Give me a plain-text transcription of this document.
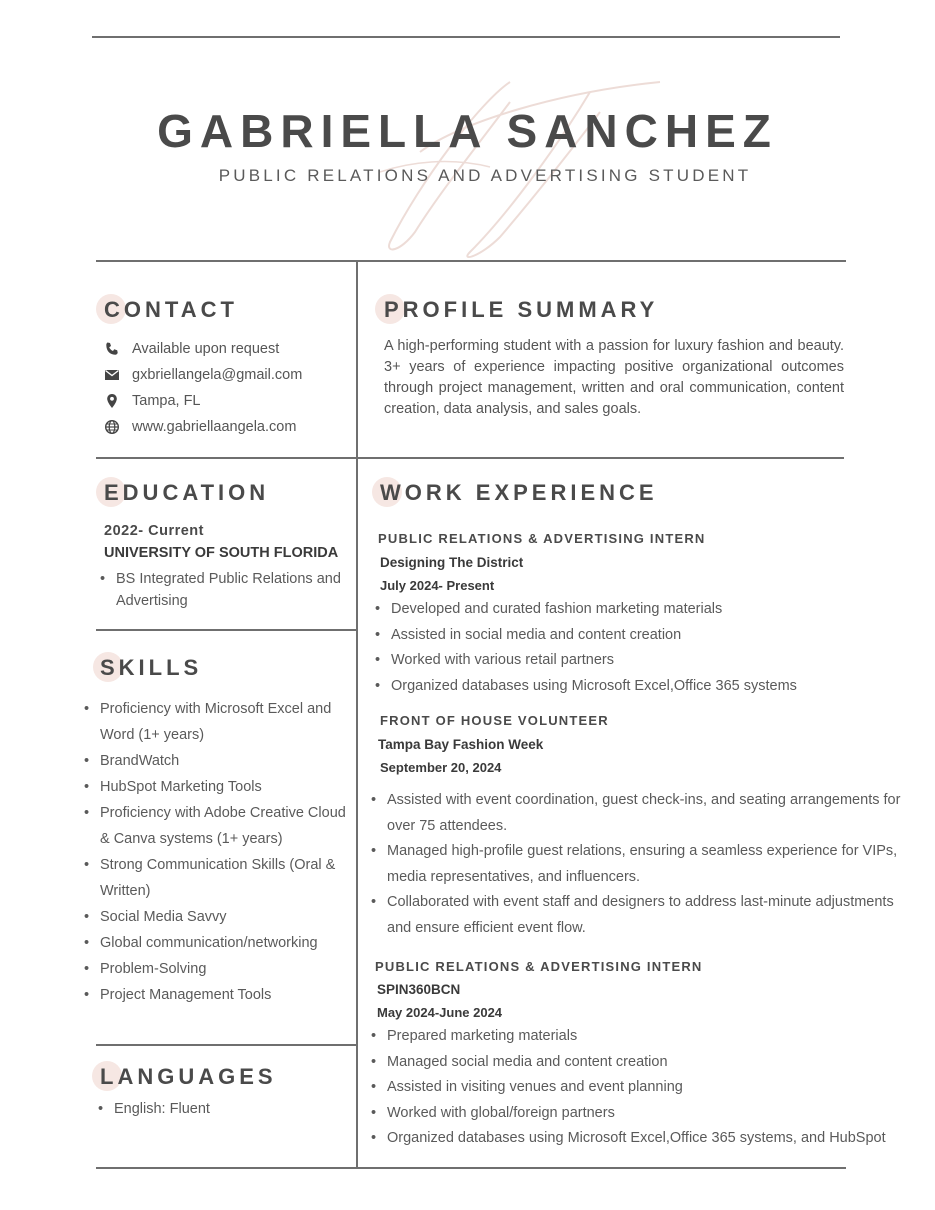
GABRIELLA SANCHEZ

PUBLIC RELATIONS AND ADVERTISING STUDENT

CONTACT
Available upon request
gxbriellangela@gmail.com
Tampa, FL
www.gabriellaangela.com
PROFILE SUMMARY

A high-performing student with a passion for luxury fashion and beauty. 3+ years of experience impacting positive organizational outcomes through project management, written and oral communication, content creation, data analysis, and sales goals.

EDUCATION

2022- Current

UNIVERSITY OF SOUTH FLORIDA

• BS Integrated Public Relations and Advertising
SKILLS
• Proficiency with Microsoft Excel and Word (1+ years)
• BrandWatch
• HubSpot Marketing Tools
• Proficiency with Adobe Creative Cloud & Canva systems (1+ years)
• Strong Communication Skills (Oral & Written)
• Social Media Savvy
• Global communication/networking
• Problem-Solving
• Project Management Tools
LANGUAGES
• English: Fluent
WORK EXPERIENCE

PUBLIC RELATIONS & ADVERTISING INTERN

Designing The District

July 2024- Present

• Developed and curated fashion marketing materials
• Assisted in social media and content creation
• Worked with various retail partners
• Organized databases using Microsoft Excel,Office 365 systems

FRONT OF HOUSE VOLUNTEER

Tampa Bay Fashion Week

September 20, 2024

• Assisted with event coordination, guest check-ins, and seating arrangements for over 75 attendees.
• Managed high-profile guest relations, ensuring a seamless experience for VIPs, media representatives, and influencers.
• Collaborated with event staff and designers to address last-minute adjustments and ensure efficient event flow.

PUBLIC RELATIONS & ADVERTISING INTERN

SPIN360BCN

May 2024-June 2024

• Prepared marketing materials
• Managed social media and content creation
• Assisted in visiting venues and event planning
• Worked with global/foreign partners
• Organized databases using Microsoft Excel,Office 365 systems, and HubSpot
